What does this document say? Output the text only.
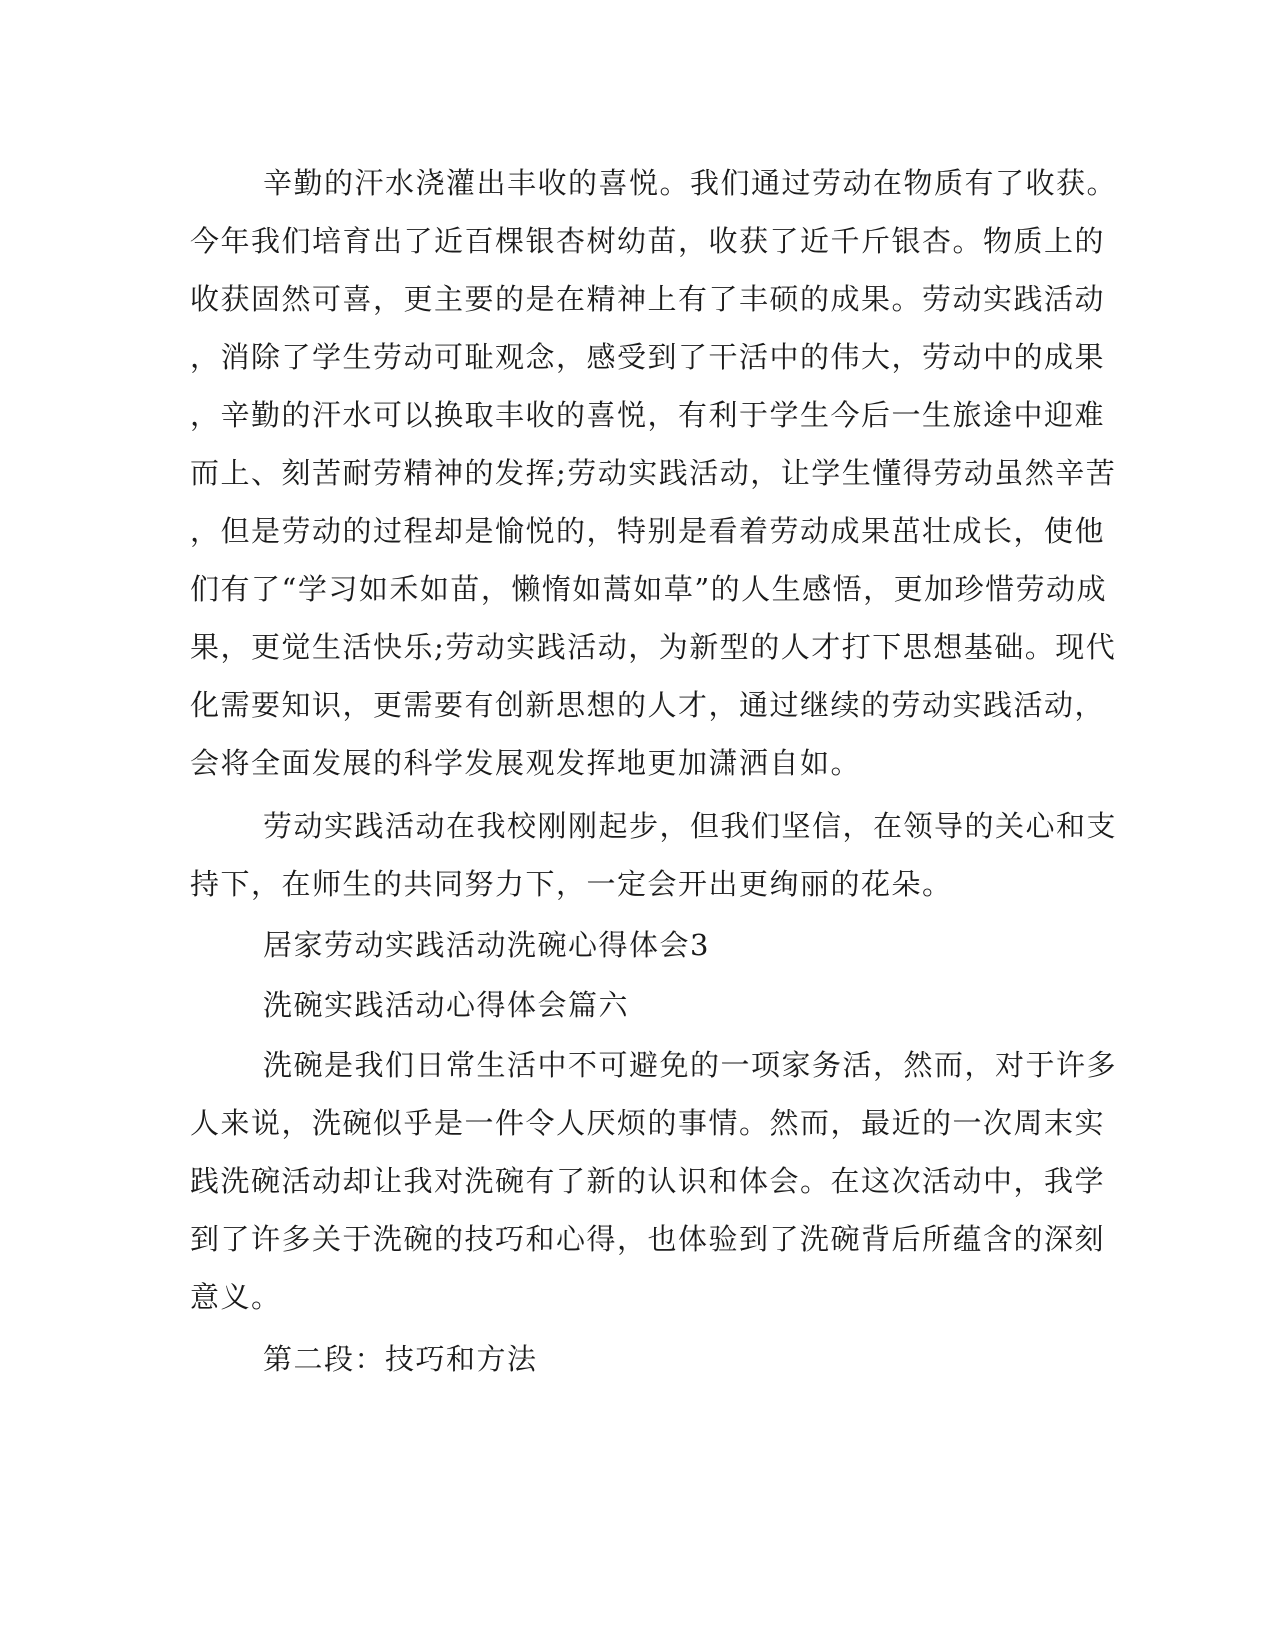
辛勤的汗水浇灌出丰收的喜悦。我们通过劳动在物质有了收获。

今年我们培育出了近百棵银杏树幼苗，收获了近千斤银杏。物质上的

收获固然可喜，更主要的是在精神上有了丰硕的成果。劳动实践活动

，消除了学生劳动可耻观念，感受到了干活中的伟大，劳动中的成果

，辛勤的汗水可以换取丰收的喜悦，有利于学生今后一生旅途中迎难

而上、刻苦耐劳精神的发挥;劳动实践活动，让学生懂得劳动虽然辛苦

，但是劳动的过程却是愉悦的，特别是看着劳动成果茁壮成长，使他

们有了“学习如禾如苗，懒惰如蒿如草”的人生感悟，更加珍惜劳动成

果，更觉生活快乐;劳动实践活动，为新型的人才打下思想基础。现代

化需要知识，更需要有创新思想的人才，通过继续的劳动实践活动，

会将全面发展的科学发展观发挥地更加潇洒自如。

劳动实践活动在我校刚刚起步，但我们坚信，在领导的关心和支

持下，在师生的共同努力下，一定会开出更绚丽的花朵。

居家劳动实践活动洗碗心得体会3

洗碗实践活动心得体会篇六

洗碗是我们日常生活中不可避免的一项家务活，然而，对于许多

人来说，洗碗似乎是一件令人厌烦的事情。然而，最近的一次周末实

践洗碗活动却让我对洗碗有了新的认识和体会。在这次活动中，我学

到了许多关于洗碗的技巧和心得，也体验到了洗碗背后所蕴含的深刻

意义。

第二段：技巧和方法
